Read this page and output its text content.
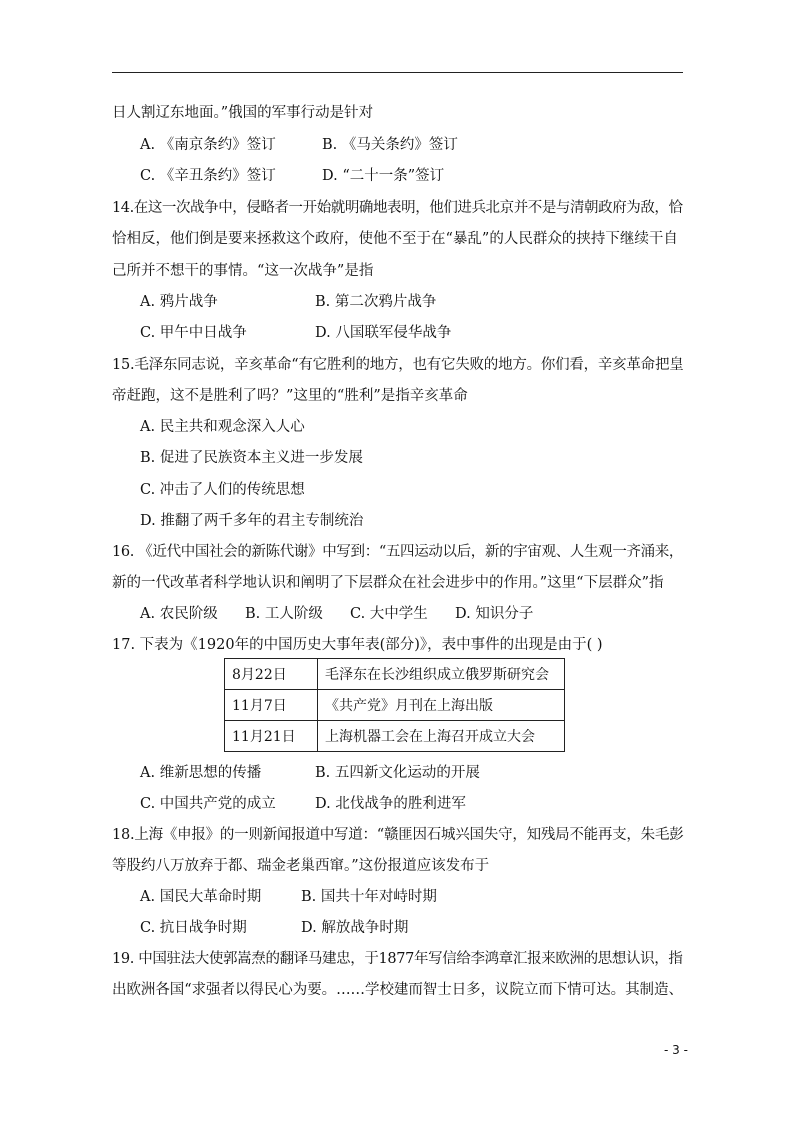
日人割辽东地面。”俄国的军事行动是针对
A. 《南京条约》签订	B. 《马关条约》签订
C. 《辛丑条约》签订	D. “二十一条”签订
14.在这一次战争中，侵略者一开始就明确地表明，他们进兵北京并不是与清朝政府为敌，恰
恰相反，他们倒是要来拯救这个政府，使他不至于在“暴乱”的人民群众的挟持下继续干自
己所并不想干的事情。“这一次战争”是指
A. 鸦片战争	B. 第二次鸦片战争
C. 甲午中日战争	D. 八国联军侵华战争
15.毛泽东同志说，辛亥革命“有它胜利的地方，也有它失败的地方。你们看，辛亥革命把皇
帝赶跑，这不是胜利了吗？”这里的“胜利”是指辛亥革命
A. 民主共和观念深入人心
B. 促进了民族资本主义进一步发展
C. 冲击了人们的传统思想
D. 推翻了两千多年的君主专制统治
16. 《近代中国社会的新陈代谢》中写到：“五四运动以后，新的宇宙观、人生观一齐涌来，
新的一代改革者科学地认识和阐明了下层群众在社会进步中的作用。”这里“下层群众”指
A. 农民阶级 B. 工人阶级 C. 大中学生 D. 知识分子
17. 下表为《1920年的中国历史大事年表(部分)》，表中事件的出现是由于( )
8月22日	毛泽东在长沙组织成立俄罗斯研究会
11月7日	《共产党》月刊在上海出版
11月21日	上海机器工会在上海召开成立大会
A. 维新思想的传播	B. 五四新文化运动的开展
C. 中国共产党的成立	D. 北伐战争的胜利进军
18.上海《申报》的一则新闻报道中写道：“赣匪因石城兴国失守，知残局不能再支，朱毛彭
等股约八万放弃于都、瑞金老巢西窜。”这份报道应该发布于
A. 国民大革命时期	B. 国共十年对峙时期
C. 抗日战争时期	D. 解放战争时期
19. 中国驻法大使郭嵩焘的翻译马建忠，于1877年写信给李鸿章汇报来欧洲的思想认识，指
出欧洲各国“求强者以得民心为要。……学校建而智士日多，议院立而下情可达。其制造、
- 3 -
